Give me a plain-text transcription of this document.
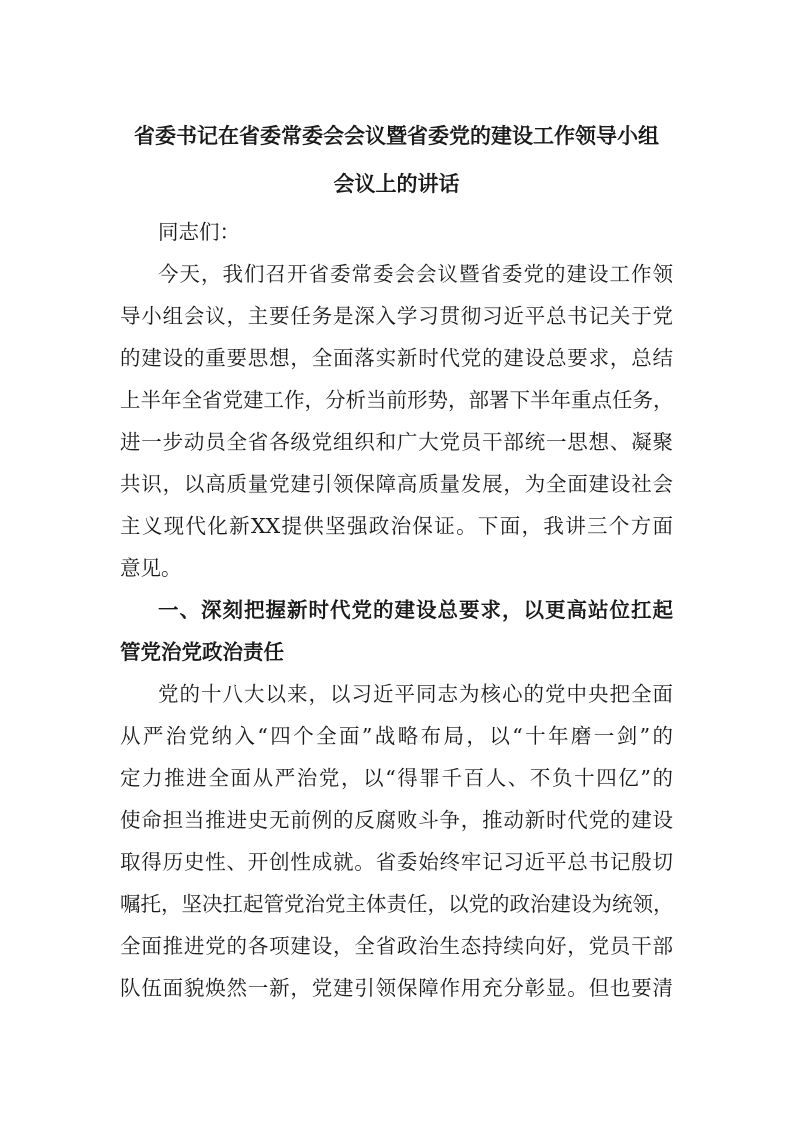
省委书记在省委常委会会议暨省委党的建设工作领导小组
会议上的讲话
同志们：
今天，我们召开省委常委会会议暨省委党的建设工作领
导小组会议，主要任务是深入学习贯彻习近平总书记关于党
的建设的重要思想，全面落实新时代党的建设总要求，总结
上半年全省党建工作，分析当前形势，部署下半年重点任务，
进一步动员全省各级党组织和广大党员干部统一思想、凝聚
共识，以高质量党建引领保障高质量发展，为全面建设社会
主义现代化新XX提供坚强政治保证。下面，我讲三个方面
意见。
一、深刻把握新时代党的建设总要求，以更高站位扛起
管党治党政治责任
党的十八大以来，以习近平同志为核心的党中央把全面
从严治党纳入“四个全面”战略布局，以“十年磨一剑”的
定力推进全面从严治党，以“得罪千百人、不负十四亿”的
使命担当推进史无前例的反腐败斗争，推动新时代党的建设
取得历史性、开创性成就。省委始终牢记习近平总书记殷切
嘱托，坚决扛起管党治党主体责任，以党的政治建设为统领，
全面推进党的各项建设，全省政治生态持续向好，党员干部
队伍面貌焕然一新，党建引领保障作用充分彰显。但也要清
